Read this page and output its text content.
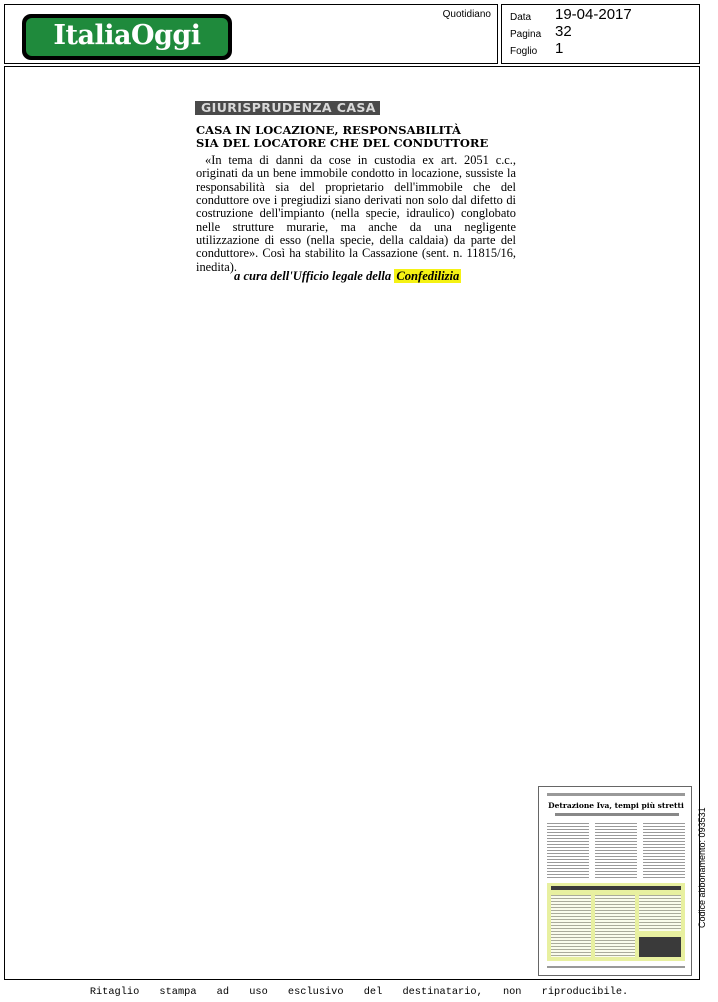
ItaliaOggi
Quotidiano Data 19-04-2017
Pagina 32
Foglio 1
GIURISPRUDENZA CASA
CASA IN LOCAZIONE, RESPONSABILITÀ
SIA DEL LOCATORE CHE DEL CONDUTTORE

«In tema di danni da cose in custodia ex art. 2051 c.c., originati da un bene immobile condotto in locazione, sussiste la responsabilità sia del proprietario dell'immobile che del conduttore ove i pregiudizi siano derivati non solo dal difetto di costruzione dell'impianto (nella specie, idraulico) conglobato nelle strutture murarie, ma anche da una negligente utilizzazione di esso (nella specie, della caldaia) da parte del conduttore». Così ha stabilito la Cassazione (sent. n. 11815/16, inedita).

a cura dell'Ufficio legale della Confedilizia
Detrazione Iva, tempi più stretti
Codice abbonamento: 093531
Ritaglio stampa ad uso esclusivo del destinatario, non riproducibile.
